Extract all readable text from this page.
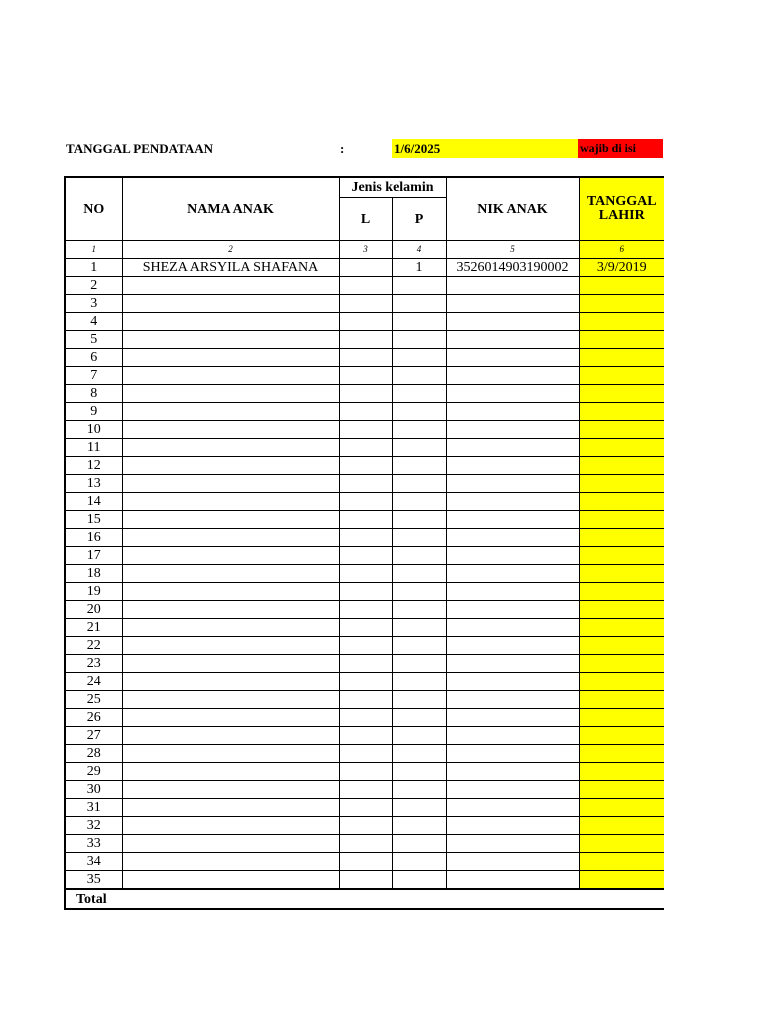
TANGGAL PENDATAAN	:	1/6/2025	wajib di isi
NO	NAMA ANAK	Jenis kelamin		NIK ANAK	TANGGAL LAHIR
		L	P		
1	2	3	4	5	6
1	SHEZA ARSYILA SHAFANA		1	3526014903190002	3/9/2019
2					
3					
4					
5					
6					
7					
8					
9					
10					
11					
12					
13					
14					
15					
16					
17					
18					
19					
20					
21					
22					
23					
24					
25					
26					
27					
28					
29					
30					
31					
32					
33					
34					
35					
Total					
